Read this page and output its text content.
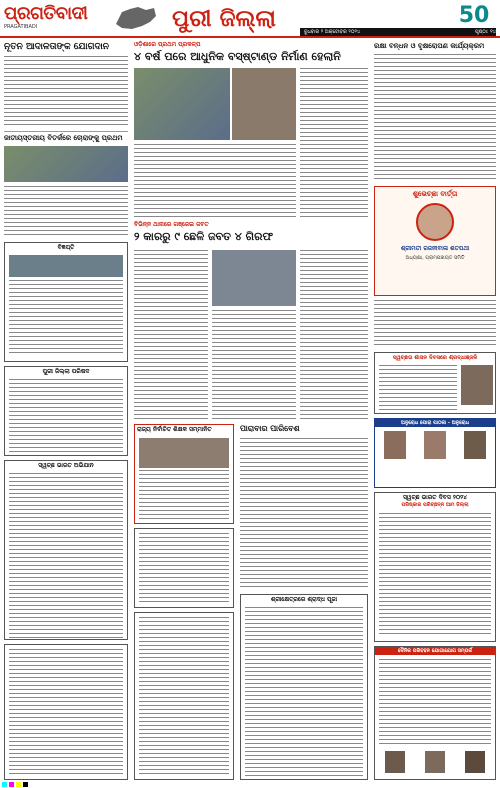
ପ୍ରଗତିବାଦୀ
PRAGATIBADI	ପୁରୀ ଜିଲ୍ଲା	50
ବୁଧବାର ୨ ଅକ୍ଟୋବର ୨୦୨୪	ପୃଷ୍ଠା: ୧୪
ନୂତନ ଆଦାଳତାଙ୍କ ଯୋଗଦାନ
ଜାତୀୟସ୍ତରୀୟ ବିତର୍କରେ ଚୋରାଙ୍କୁ ପ୍ରଥମ
ବିଜ୍ଞପ୍ତି
ପୁରୀ ଜିଲ୍ଲା ପରିଷଦ
ସ୍ୱଚ୍ଛ ଭାରତ ଅଭିଯାନ
ଓଡ଼ିଶାରେ ପ୍ରଥମ ପ୍ରକଳ୍ପ
୪ ବର୍ଷ ପରେ ଆଧୁନିକ ବସ୍‌ଷ୍ଟାଣ୍ଡ ନିର୍ମାଣ ହେଲାନି
ବିଭିନ୍ନ ଥାନାରେ ଗଞ୍ଜେଇ ଜବତ
୨ କାରରୁ ୯ ଛେଳି ଜବତ ୪ ଗିରଫ
ରାଜ୍ୟ ନିର୍ବାଚିତ ଶିକ୍ଷକ ସମ୍ମାନିତ	ପାରାବାର ପାରିବେଶ
ଶ୍ରୀକ୍ଷେତ୍ରରେ ଶ୍ରାଦ୍ଧ ପୂଜା
ରକ୍ଷା ବନ୍ଧନ ଓ ବୃକ୍ଷରୋପଣ କାର୍ଯ୍ୟକ୍ରମ
ଶୁଭେଚ୍ଛା ବାର୍ତ୍ତା
ଶ୍ରୀମତୀ ରଜନୀବାଳା ଶତପଥୀ
ଅଧ୍ୟକ୍ଷା, ଗ୍ରାମପଞ୍ଚାୟତ ସମିତି
ସ୍ୱଚ୍ଛତା ଶାସନ ଦିବସରେ ଶ୍ରଦ୍ଧାଞ୍ଜଳି
ଅନୁରୋଧ ପୋରା ପାଠକା - ଅନୁରୋଧ
ସ୍ୱଚ୍ଛ ଭାରତ ଦିବସ ୨୦୨୪
ପରିଷ୍କାର ପରିଚ୍ଛନ୍ନ ଆମ ଜିଲ୍ଲା
ଦୈନିକ ପରିବହନ ଯୋଗାଯୋଗ ସମ୍ପର୍କ
